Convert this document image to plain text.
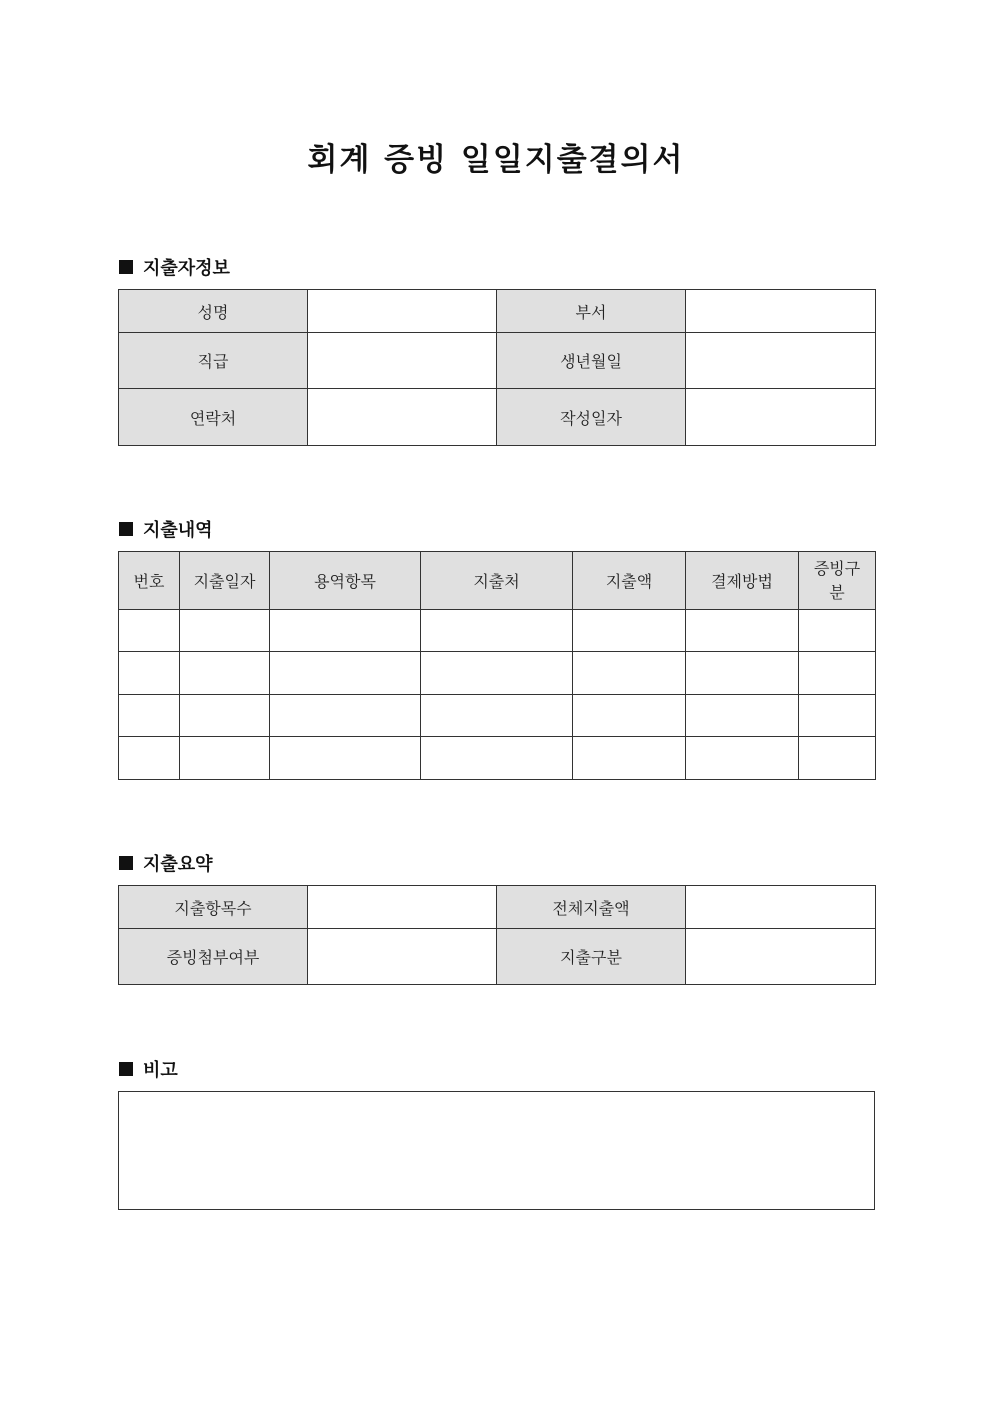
회계 증빙 일일지출결의서
지출자정보
성명		부서	
직급		생년월일	
연락처		작성일자	
지출내역
번호	지출일자	용역항목	지출처	지출액	결제방법	증빙구분

지출요약
지출항목수		전체지출액	
증빙첨부여부		지출구분	
비고
